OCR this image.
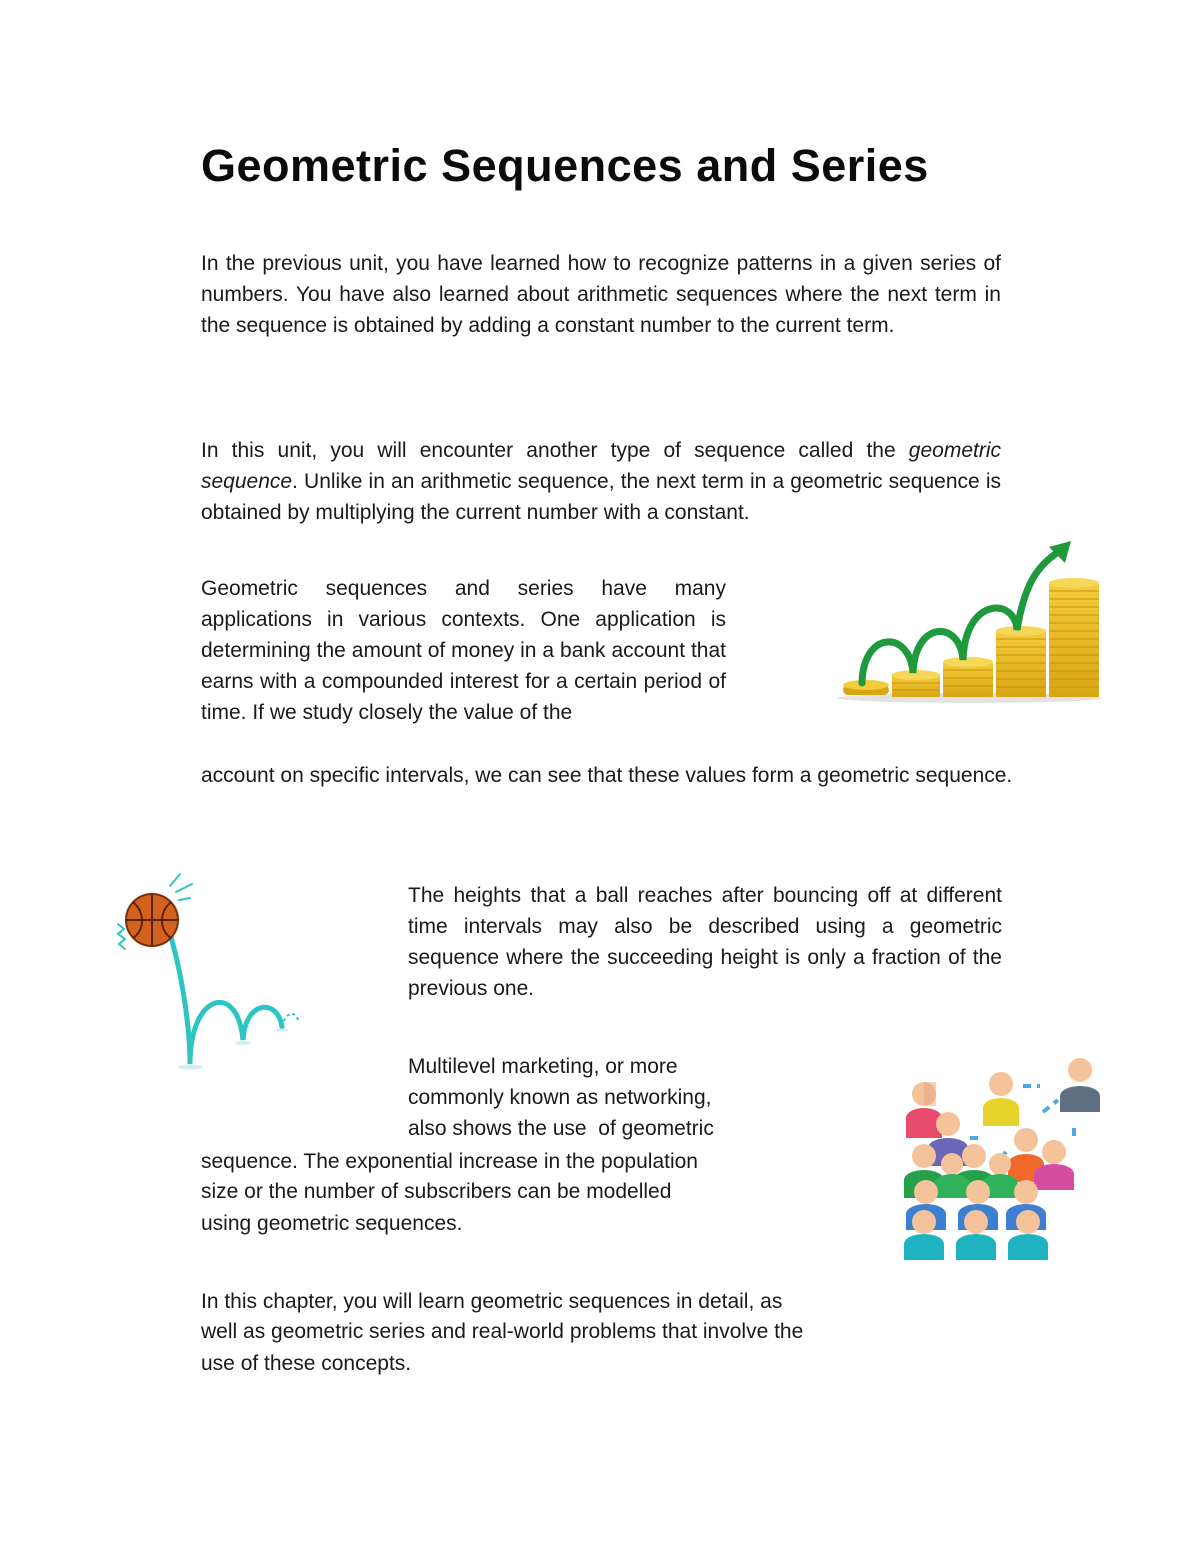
Geometric Sequences and Series

In the previous unit, you have learned how to recognize patterns in a given series of numbers. You have also learned about arithmetic sequences where the next term in the sequence is obtained by adding a constant number to the current term.

In this unit, you will encounter another type of sequence called the geometric sequence. Unlike in an arithmetic sequence, the next term in a geometric sequence is obtained by multiplying the current number with a constant.

Geometric sequences and series have many applications in various contexts. One application is determining the amount of money in a bank account that earns with a compounded interest for a certain period of time. If we study closely the value of the

account on specific intervals, we can see that these values form a geometric sequence.

The heights that a ball reaches after bouncing off at different time intervals may also be described using a geometric sequence where the succeeding height is only a fraction of the previous one.

Multilevel marketing, or more

commonly known as networking,

also shows the use  of geometric

sequence. The exponential increase in the population

size or the number of subscribers can be modelled

using geometric sequences.

In this chapter, you will learn geometric sequences in detail, as

well as geometric series and real-world problems that involve the

use of these concepts.
